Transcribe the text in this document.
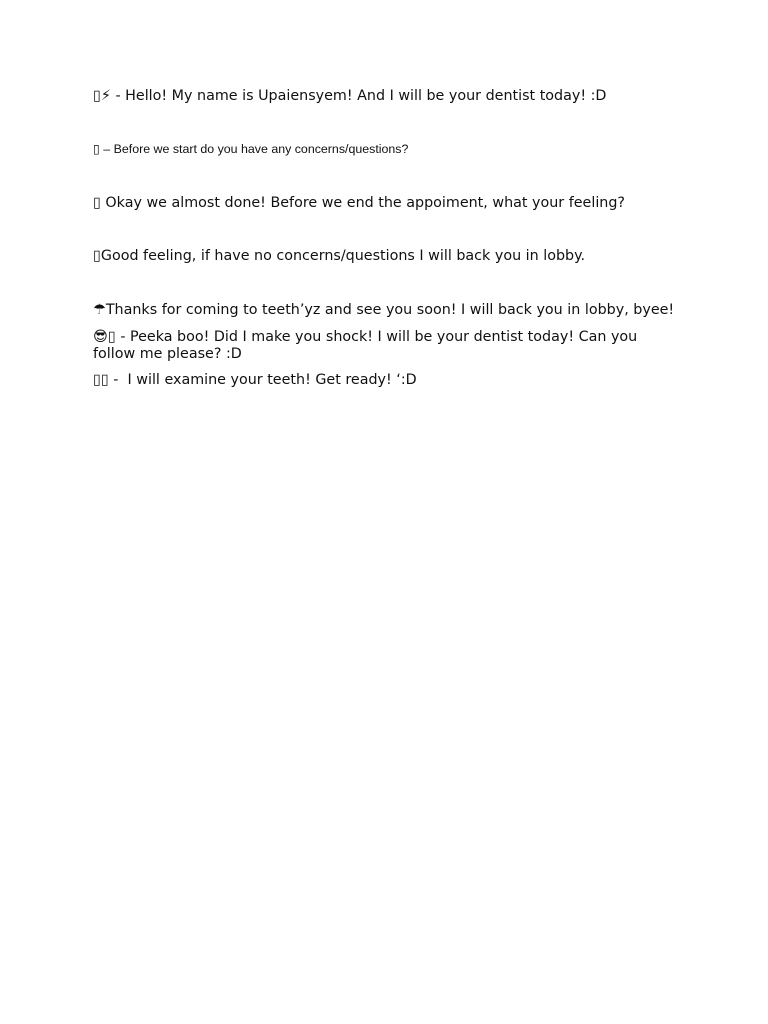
▯⚡ - Hello! My name is Upaiensyem! And I will be your dentist today! :D

▯ – Before we start do you have any concerns/questions?

▯ Okay we almost done! Before we end the appoiment, what your feeling?

▯Good feeling, if have no concerns/questions I will back you in lobby.

☂Thanks for coming to teeth’yz and see you soon! I will back you in lobby, byee!

😎▯ - Peeka boo! Did I make you shock! I will be your dentist today! Can you follow me please? :D

▯▯ -  I will examine your teeth! Get ready! ‘:D
